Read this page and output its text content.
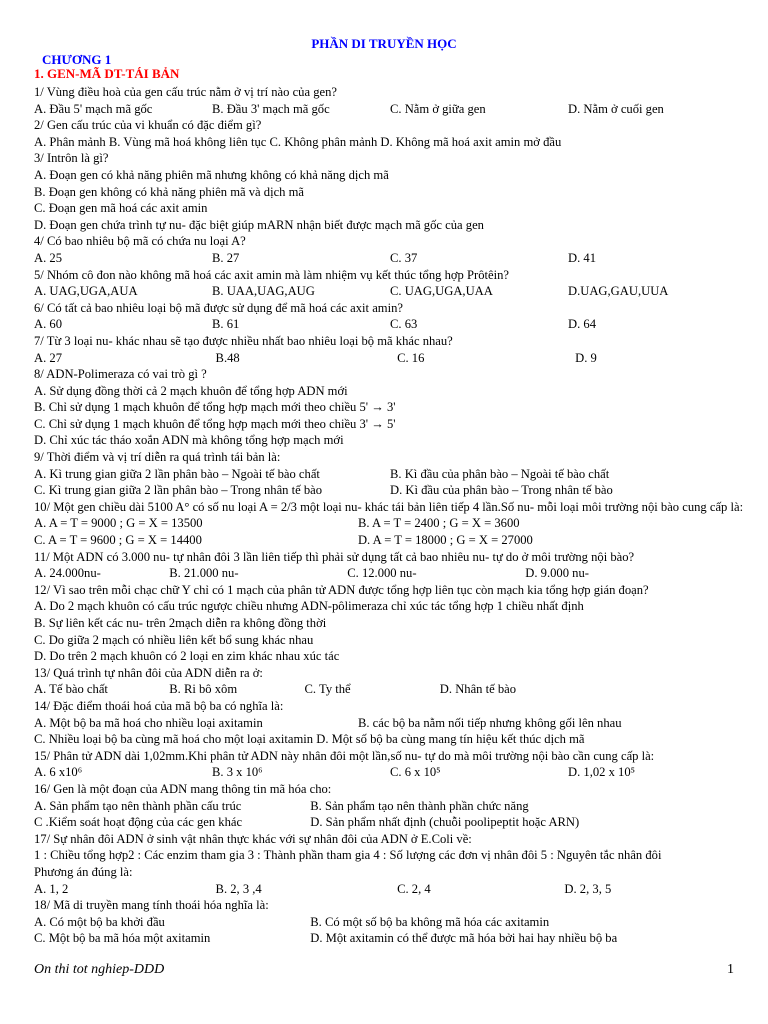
PHẦN DI TRUYỀN HỌC
CHƯƠNG 1
1. GEN-MÃ DT-TÁI BẢN
1/ Vùng điều hoà của gen cấu trúc nằm ở vị trí nào của gen?
A. Đầu 5' mạch mã gốc	B. Đầu 3' mạch mã gốc	C. Nằm ở giữa gen	D. Nằm ở cuối gen
2/ Gen cấu trúc của vi khuẩn có đặc điểm gì?
A. Phân mảnh B. Vùng mã hoá không liên tục C. Không phân mảnh D. Không mã hoá axit amin mở đầu
3/ Intrôn là gì?
A. Đoạn gen có khả năng phiên mã nhưng không có khả năng dịch mã
B. Đoạn gen không có khả năng phiên mã và dịch mã
C. Đoạn gen mã hoá các axit amin
D. Đoạn gen chứa trình tự nu- đặc biệt giúp mARN nhận biết được mạch mã gốc của gen
4/ Có bao nhiêu bộ mã có chứa nu loại A?
A. 25	B. 27	C. 37	D. 41
5/ Nhóm cô đon nào không mã hoá các axit amin mà làm nhiệm vụ kết thúc tổng hợp Prôtêin?
A. UAG,UGA,AUA	B. UAA,UAG,AUG	C. UAG,UGA,UAA	D.UAG,GAU,UUA
6/ Có tất cả bao nhiêu loại bộ mã được sử dụng để mã hoá các axit amin?
A. 60	B. 61	C. 63	D. 64
7/ Từ 3 loại nu- khác nhau sẽ tạo được nhiều nhất bao nhiêu loại bộ mã khác nhau?
A. 27	B.48	C. 16	D. 9
8/ ADN-Polimeraza có vai trò gì ?
A. Sử dụng đồng thời cả 2 mạch khuôn để tổng hợp ADN mới
B. Chỉ sử dụng 1 mạch khuôn để tổng hợp mạch mới theo chiều 5' → 3'
C. Chỉ sử dụng 1 mạch khuôn để tổng hợp mạch mới theo chiều 3' → 5'
D. Chỉ xúc tác tháo xoắn ADN mà không tổng hợp mạch mới
9/ Thời điểm và vị trí diễn ra quá trình tái bản là:
A. Kì trung gian giữa 2 lần phân bào – Ngoài tế bào chất	B. Kì đầu của phân bào – Ngoài tế bào chất
C. Kì trung gian giữa 2 lần phân bào – Trong nhân tế bào	D. Kì đầu của phân bào – Trong nhân tế bào
10/ Một gen chiều dài 5100 A° có số nu loại A = 2/3 một loại nu- khác tái bản liên tiếp 4 lần.Số nu- mỗi loại môi trường nội bào cung cấp là:
A. A = T = 9000 ; G = X = 13500	B. A = T = 2400 ; G = X = 3600
C. A = T = 9600 ; G = X = 14400	D. A = T = 18000 ; G = X = 27000
11/ Một ADN có 3.000 nu- tự nhân đôi 3 lần liên tiếp thì phải sử dụng tất cả bao nhiêu nu- tự do ở môi trường nội bào?
A. 24.000nu-	B. 21.000 nu-	C. 12.000 nu-	D. 9.000 nu-
12/ Vì sao trên mỗi chạc chữ Y chỉ có 1 mạch của phân tử ADN được tổng hợp liên tục còn mạch kia tổng hợp gián đoạn?
A. Do 2 mạch khuôn có cấu trúc ngược chiều nhưng ADN-pôlimeraza chỉ xúc tác tổng hợp 1 chiều nhất định
B. Sự liên kết các nu- trên 2mạch diễn ra không đồng thời
C. Do giữa 2 mạch có nhiều liên kết bổ sung khác nhau
D. Do trên 2 mạch khuôn có 2 loại en zim khác nhau xúc tác
13/ Quá trình tự nhân đôi của ADN diễn ra ở:
A. Tế bào chất	B. Ri bô xôm	C. Ty thể	D. Nhân tế bào
14/ Đặc điểm thoái hoá của mã bộ ba có nghĩa là:
A. Một bộ ba mã hoá cho nhiều loại axitamin	B. các bộ ba nằm nối tiếp nhưng không gối lên nhau
C. Nhiều loại bộ ba cùng mã hoá cho một loại axitamin D. Một số bộ ba cùng mang tín hiệu kết thúc dịch mã
15/ Phân tử ADN dài 1,02mm.Khi phân tử ADN này nhân đôi một lần,số nu- tự do mà môi trường nội bào cần cung cấp là:
A. 6 x10⁶	B. 3 x 10⁶	C. 6 x 10⁵	D. 1,02 x 10⁵
16/ Gen là một đoạn của ADN mang thông tin mã hóa cho:
A. Sản phẩm tạo nên thành phần cấu trúc	B. Sản phẩm tạo nên thành phần chức năng
C .Kiểm soát hoạt động của các gen khác	D. Sản phẩm nhất định (chuỗi poolipeptit hoặc ARN)
17/ Sự nhân đôi ADN ở sinh vật nhân thực khác với sự nhân đôi của ADN ở E.Coli về:
1 : Chiều tổng hợp2 : Các enzim tham gia 3 : Thành phần tham gia 4 : Số lượng các đơn vị nhân đôi 5 : Nguyên tắc nhân đôi
Phương án đúng là:
A. 1, 2	B. 2, 3 ,4	C. 2, 4	D. 2, 3, 5
18/ Mã di truyền mang tính thoái hóa nghĩa là:
A. Có một bộ ba khởi đầu	B. Có một số bộ ba không mã hóa các axitamin
C. Một bộ ba mã hóa một axitamin	D. Một axitamin có thể được mã hóa bởi hai hay nhiều bộ ba
On thi tot nghiep-DDD	1
